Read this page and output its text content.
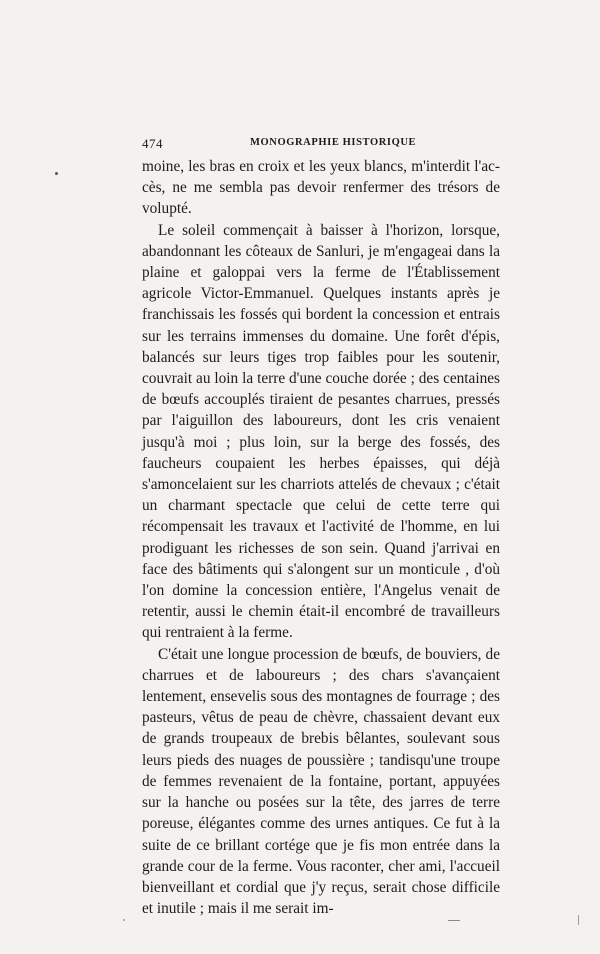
474	MONOGRAPHIE HISTORIQUE

moine, les bras en croix et les yeux blancs, m'interdit l'ac-cès, ne me sembla pas devoir renfermer des trésors de volupté.

Le soleil commençait à baisser à l'horizon, lorsque, abandonnant les côteaux de Sanluri, je m'engageai dans la plaine et galoppai vers la ferme de l'Établissement agricole Victor-Emmanuel. Quelques instants après je franchissais les fossés qui bordent la concession et entrais sur les terrains immenses du domaine. Une forêt d'épis, balancés sur leurs tiges trop faibles pour les soutenir, couvrait au loin la terre d'une couche dorée ; des centaines de bœufs accouplés tiraient de pesantes charrues, pressés par l'aiguillon des laboureurs, dont les cris venaient jusqu'à moi ; plus loin, sur la berge des fossés, des faucheurs coupaient les herbes épaisses, qui déjà s'amoncelaient sur les charriots attelés de chevaux ; c'était un charmant spectacle que celui de cette terre qui récompensait les travaux et l'activité de l'homme, en lui prodiguant les richesses de son sein. Quand j'arrivai en face des bâtiments qui s'alongent sur un monticule , d'où l'on domine la concession entière, l'Angelus venait de retentir, aussi le chemin était-il encombré de travailleurs qui rentraient à la ferme.

C'était une longue procession de bœufs, de bouviers, de charrues et de laboureurs ; des chars s'avançaient lentement, ensevelis sous des montagnes de fourrage ; des pasteurs, vêtus de peau de chèvre, chassaient devant eux de grands troupeaux de brebis bêlantes, soulevant sous leurs pieds des nuages de poussière ; tandisqu'une troupe de femmes revenaient de la fontaine, portant, appuyées sur la hanche ou posées sur la tête, des jarres de terre poreuse, élégantes comme des urnes antiques. Ce fut à la suite de ce brillant cortége que je fis mon entrée dans la grande cour de la ferme. Vous raconter, cher ami, l'accueil bienveillant et cordial que j'y reçus, serait chose difficile et inutile ; mais il me serait im-
